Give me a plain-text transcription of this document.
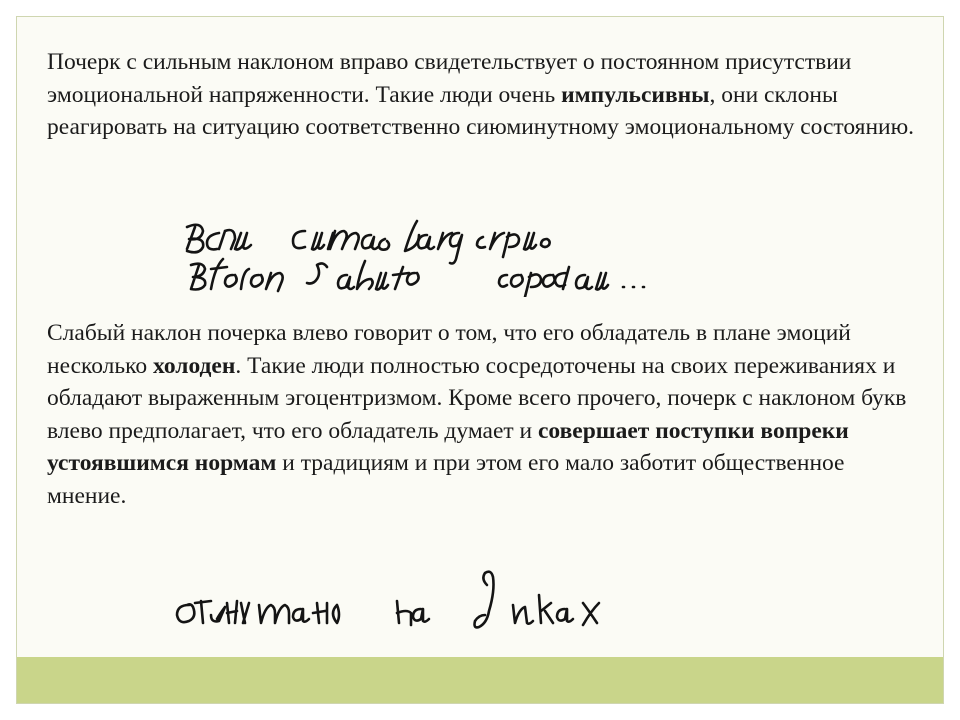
Почерк с сильным наклоном вправо свидетельствует о постоянном присутствии эмоциональной напряженности. Такие люди очень импульсивны, они склоны реагировать на ситуацию соответственно сиюминутному эмоциональному состоянию.

Слабый наклон почерка влево говорит о том, что его обладатель в плане эмоций несколько холоден. Такие люди полностью сосредоточены на своих переживаниях и обладают выраженным эгоцентризмом. Кроме всего прочего, почерк с наклоном букв влево предполагает, что его обладатель думает и совершает поступки вопреки устоявшимся нормам и традициям и при этом его мало заботит общественное мнение.
